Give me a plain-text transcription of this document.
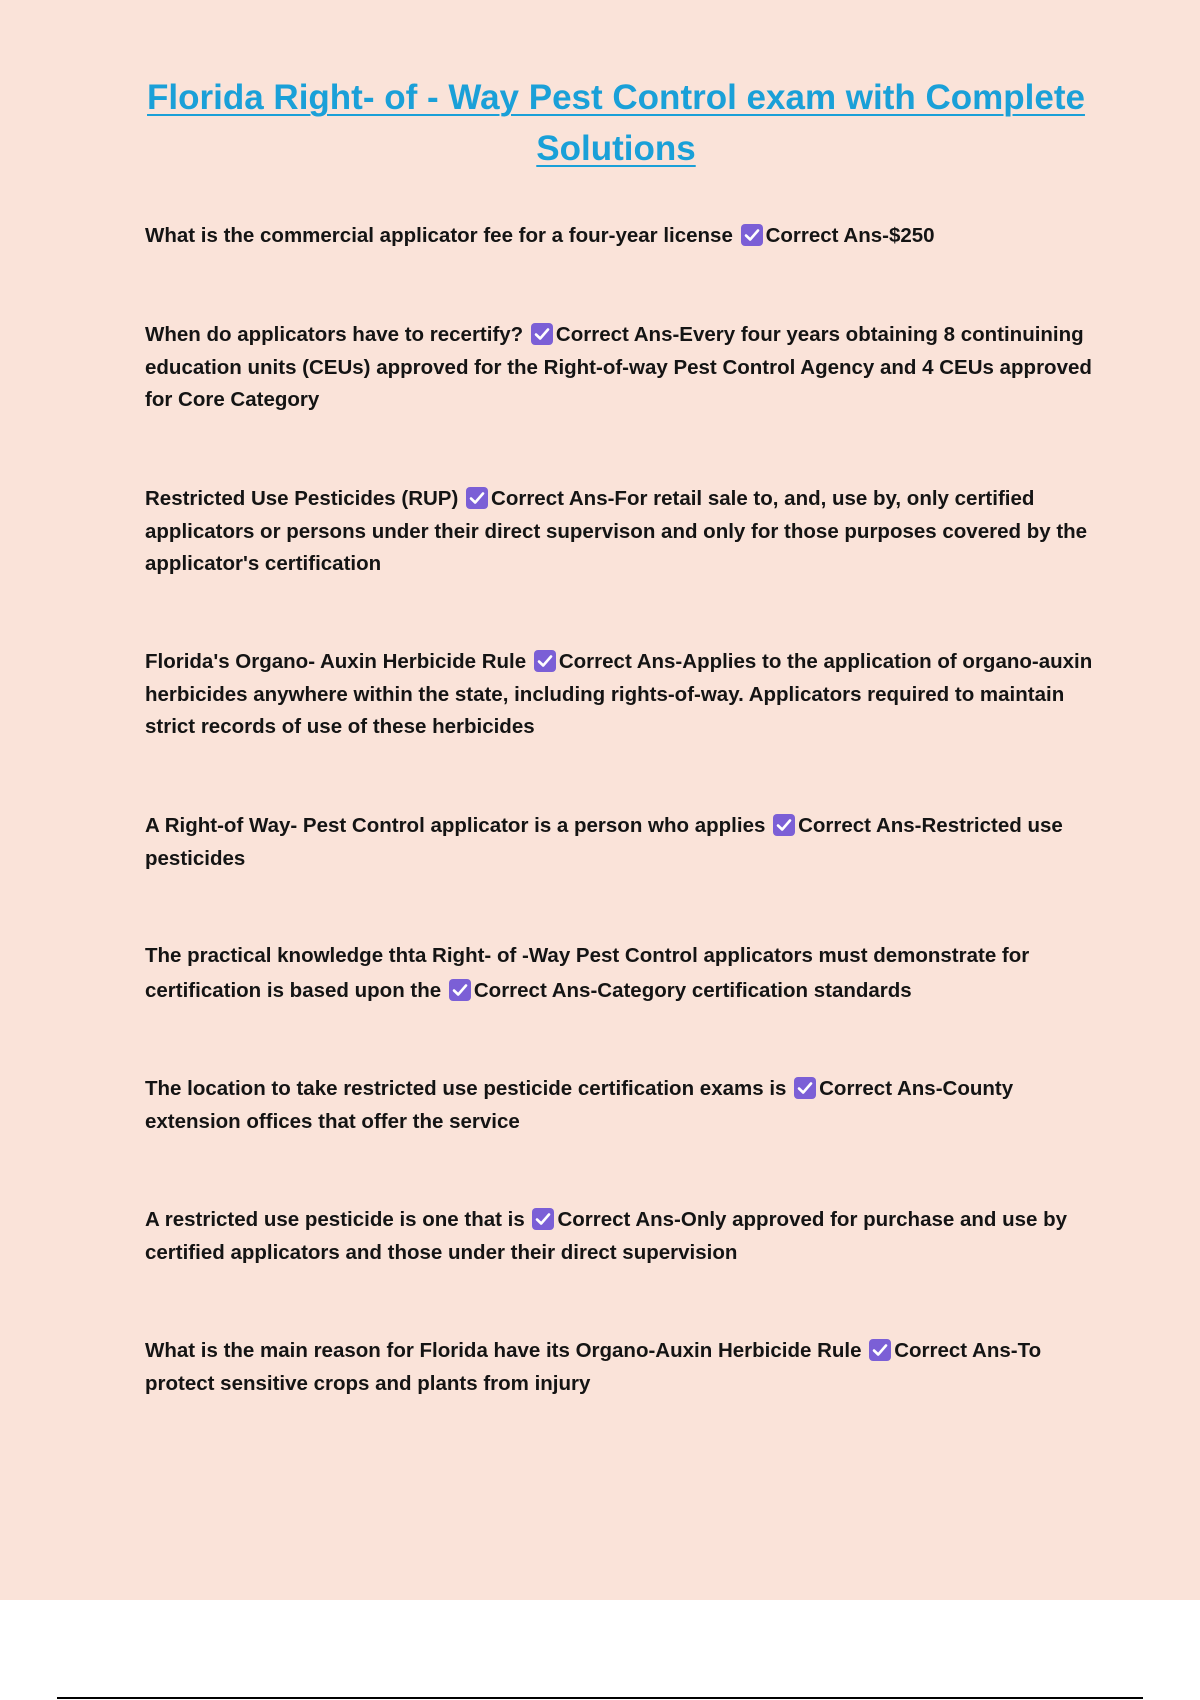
Florida Right- of - Way Pest Control exam with Complete Solutions

What is the commercial applicator fee for a four-year license Correct Ans-$250

When do applicators have to recertify? Correct Ans-Every four years obtaining 8 continuining education units (CEUs) approved for the Right-of-way Pest Control Agency and 4 CEUs approved for Core Category

Restricted Use Pesticides (RUP) Correct Ans-For retail sale to, and, use by, only certified applicators or persons under their direct supervison and only for those purposes covered by the applicator's certification

Florida's Organo- Auxin Herbicide Rule Correct Ans-Applies to the application of organo-auxin herbicides anywhere within the state, including rights-of-way. Applicators required to maintain strict records of use of these herbicides

A Right-of Way- Pest Control applicator is a person who applies Correct Ans-Restricted use pesticides

The practical knowledge thta Right- of -Way Pest Control applicators must demonstrate for certification is based upon the Correct Ans-Category certification standards

The location to take restricted use pesticide certification exams is Correct Ans-County extension offices that offer the service

A restricted use pesticide is one that is Correct Ans-Only approved for purchase and use by certified applicators and those under their direct supervision

What is the main reason for Florida have its Organo-Auxin Herbicide Rule Correct Ans-To protect sensitive crops and plants from injury
